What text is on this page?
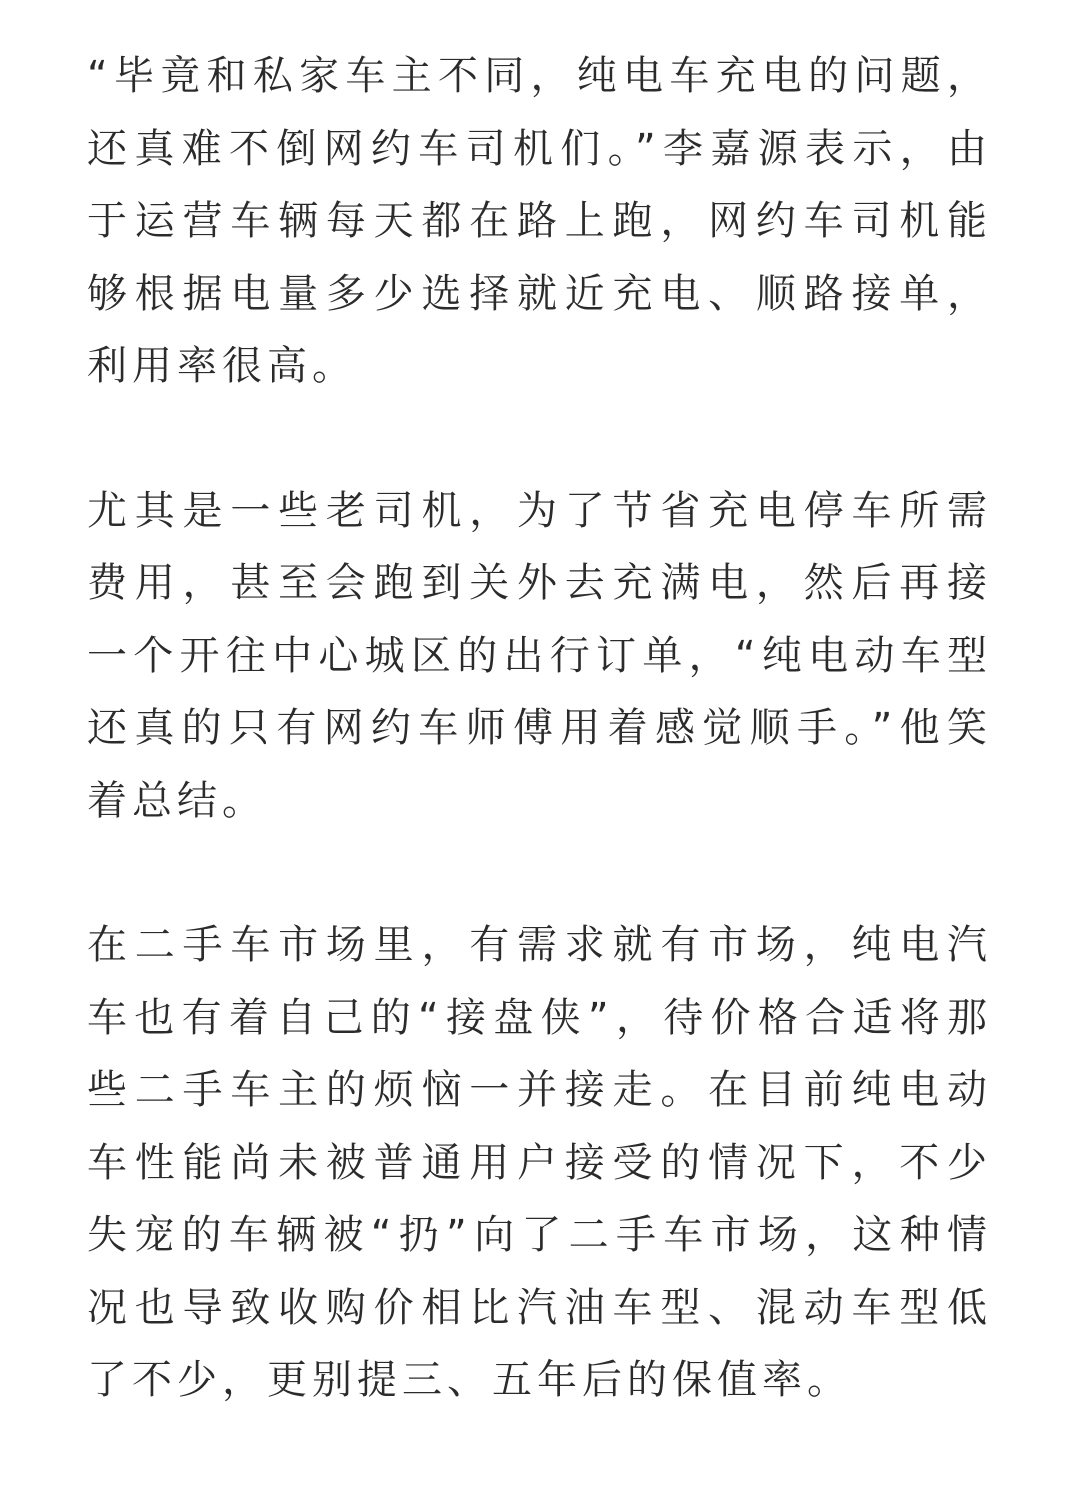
“毕竟和私家车主不同，纯电车充电的问题，
还真难不倒网约车司机们。”李嘉源表示，由
于运营车辆每天都在路上跑，网约车司机能
够根据电量多少选择就近充电、顺路接单，
利用率很高。

尤其是一些老司机，为了节省充电停车所需
费用，甚至会跑到关外去充满电，然后再接
一个开往中心城区的出行订单，“纯电动车型
还真的只有网约车师傅用着感觉顺手。”他笑
着总结。

在二手车市场里，有需求就有市场，纯电汽
车也有着自己的“接盘侠”，待价格合适将那
些二手车主的烦恼一并接走。在目前纯电动
车性能尚未被普通用户接受的情况下，不少
失宠的车辆被“扔”向了二手车市场，这种情
况也导致收购价相比汽油车型、混动车型低
了不少，更别提三、五年后的保值率。
